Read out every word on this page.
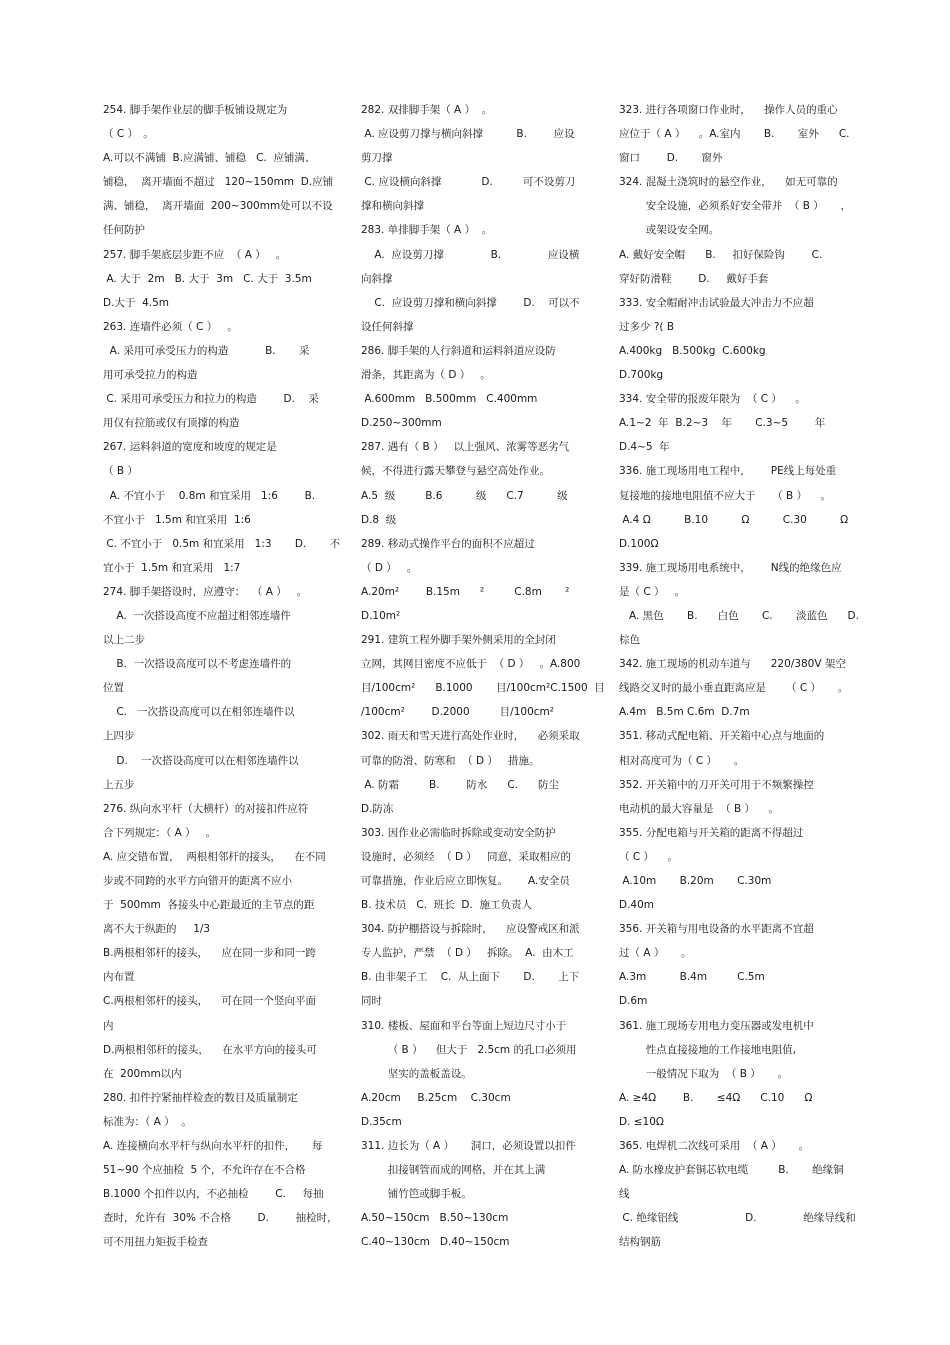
254. 脚手架作业层的脚手板铺设规定为
（ C ）　。
A.可以不满铺  B.应满铺、铺稳   C.  应铺满、
铺稳，  离开墙面不超过   120~150mm  D.应铺
满、铺稳，  离开墙面  200~300mm处可以不设
任何防护
257. 脚手架底层步距不应  （ A ）   。
A. 大于  2m   B. 大于  3m   C. 大于  3.5m
D.大于  4.5m
263. 连墙件必须（ C ）   。
A. 采用可承受压力的构造           B.       采
用可承受拉力的构造
C. 采用可承受压力和拉力的构造        D.    采
用仅有拉筋或仅有顶撑的构造
267. 运料斜道的宽度和坡度的规定是
（ B ）
A. 不宜小于    0.8m 和宜采用   1:6        B.
不宜小于   1.5m 和宜采用  1:6
C. 不宜小于   0.5m 和宜采用   1:3       D.       不
宜小于  1.5m 和宜采用   1:7
274. 脚手架搭设时，应遵守：  （ A ）   。
A.  一次搭设高度不应超过相邻连墙件
以上二步
B.  一次搭设高度可以不考虑连墙件的
位置
C.   一次搭设高度可以在相邻连墙件以
上四步
D.    一次搭设高度可以在相邻连墙件以
上五步
276. 纵向水平杆（大横杆）的对接扣件应符
合下列规定：（ A ）   。
A. 应交错布置，  两根相邻杆的接头，    在不同
步或不同跨的水平方向错开的距离不应小
于  500mm  各接头中心距最近的主节点的距
离不大于纵距的     1/3
B.两根相邻杆的接头，    应在同一步和同一跨
内布置
C.两根相邻杆的接头，    可在同一个竖向平面
内
D.两根相邻杆的接头，    在水平方向的接头可
在  200mm以内
280. 扣件拧紧抽样检查的数目及质量制定
标准为：（ A ）  。
A. 连接横向水平杆与纵向水平杆的扣件，     每
51~90 个应抽检  5 个，不允许存在不合格
B.1000 个扣件以内，不必抽检        C.     每抽
查时，允许有  30% 不合格        D.        抽检时，
可不用扭力矩扳手检查
282. 双排脚手架（ A ）  。
A. 应设剪刀撑与横向斜撑          B.        应设
剪刀撑
C. 应设横向斜撑            D.         可不设剪刀
撑和横向斜撑
283. 单排脚手架（ A ）  。
A.  应设剪刀撑              B.              应设横
向斜撑
C.  应设剪刀撑和横向斜撑        D.    可以不
设任何斜撑
286. 脚手架的人行斜道和运料斜道应设防
滑条，其距离为（ D ）   。
A.600mm   B.500mm   C.400mm
D.250~300mm
287. 遇有（ B ）   以上强风、浓雾等恶劣气
候，不得进行露天攀登与悬空高处作业。
A.5  级         B.6          级      C.7          级
D.8  级
289. 移动式操作平台的面积不应超过
（ D ）   。
A.20m²        B.15m      ²         C.8m       ²
D.10m²
291. 建筑工程外脚手架外侧采用的全封闭
立网，其网目密度不应低于  （ D ）   。A.800
目/100cm²      B.1000       目/100cm²C.1500  目
/100cm²        D.2000         目/100cm²
302. 雨天和雪天进行高处作业时，    必须采取
可靠的防滑、防寒和  （ D ）   措施。
A. 防霜         B.        防水      C.      防尘
D.防冻
303. 因作业必需临时拆除或变动安全防护
设施时，必须经  （ D ）   同意，采取相应的
可靠措施，作业后应立即恢复。      A.安全员
B. 技术员   C.  班长  D.  施工负责人
304. 防护棚搭设与拆除时，    应设警戒区和派
专人监护，严禁  （ D ）   拆除。  A.  由木工
B. 由非架子工    C.  从上面下       D.       上下
同时
310. 楼板、屋面和平台等面上短边尺寸小于
（ B ）    但大于   2.5cm 的孔口必须用
坚实的盖板盖设。
A.20cm     B.25cm    C.30cm
D.35cm
311. 边长为（ A ）     洞口，必须设置以扣件
扣接钢管而成的网格，并在其上满
铺竹笆或脚手板。
A.50~150cm   B.50~130cm
C.40~130cm   D.40~150cm
323. 进行各项窗口作业时，    操作人员的重心
应位于（ A ）    。A.室内       B.       室外      C.
窗口        D.       窗外
324. 混凝土浇筑时的悬空作业，    如无可靠的
安全设施，必须系好安全带并  （ B ）     ，
或架设安全网。
A. 戴好安全帽      B.     扣好保险钩        C.
穿好防滑鞋        D.     戴好手套
333. 安全帽耐冲击试验最大冲击力不应超
过多少 ?( B
A.400kg   B.500kg  C.600kg
D.700kg
334. 安全带的报废年限为  （ C ）    。
A.1~2  年  B.2~3    年       C.3~5        年
D.4~5  年
336. 施工现场用电工程中，      PE线上每处重
复接地的接地电阻值不应大于     （ B ）    。
A.4 Ω          B.10          Ω          C.30          Ω
D.100Ω
339. 施工现场用电系统中，      N线的绝缘色应
是（ C ）   。
A. 黑色       B.      白色       C.       淡蓝色      D.
棕色
342. 施工现场的机动车道与      220/380V 架空
线路交叉时的最小垂直距离应是      （ C ）     。
A.4m   B.5m C.6m  D.7m
351. 移动式配电箱、开关箱中心点与地面的
相对高度可为（ C ）     。
352. 开关箱中的刀开关可用于不频繁操控
电动机的最大容量是  （ B ）    。
355. 分配电箱与开关箱的距离不得超过
（ C ）    。
A.10m       B.20m       C.30m
D.40m
356. 开关箱与用电设备的水平距离不宜超
过（ A ）     。
A.3m          B.4m         C.5m
D.6m
361. 施工现场专用电力变压器或发电机中
性点直接接地的工作接地电阻值,
一般情况下取为  （ B ）     。
A. ≥4Ω        B.       ≤4Ω      C.10      Ω
D. ≤10Ω
365. 电焊机二次线可采用  （ A ）     。
A. 防水橡皮护套铜芯软电缆         B.       绝缘铜
线
C. 绝缘铝线                    D.              绝缘导线和
结构钢筋
